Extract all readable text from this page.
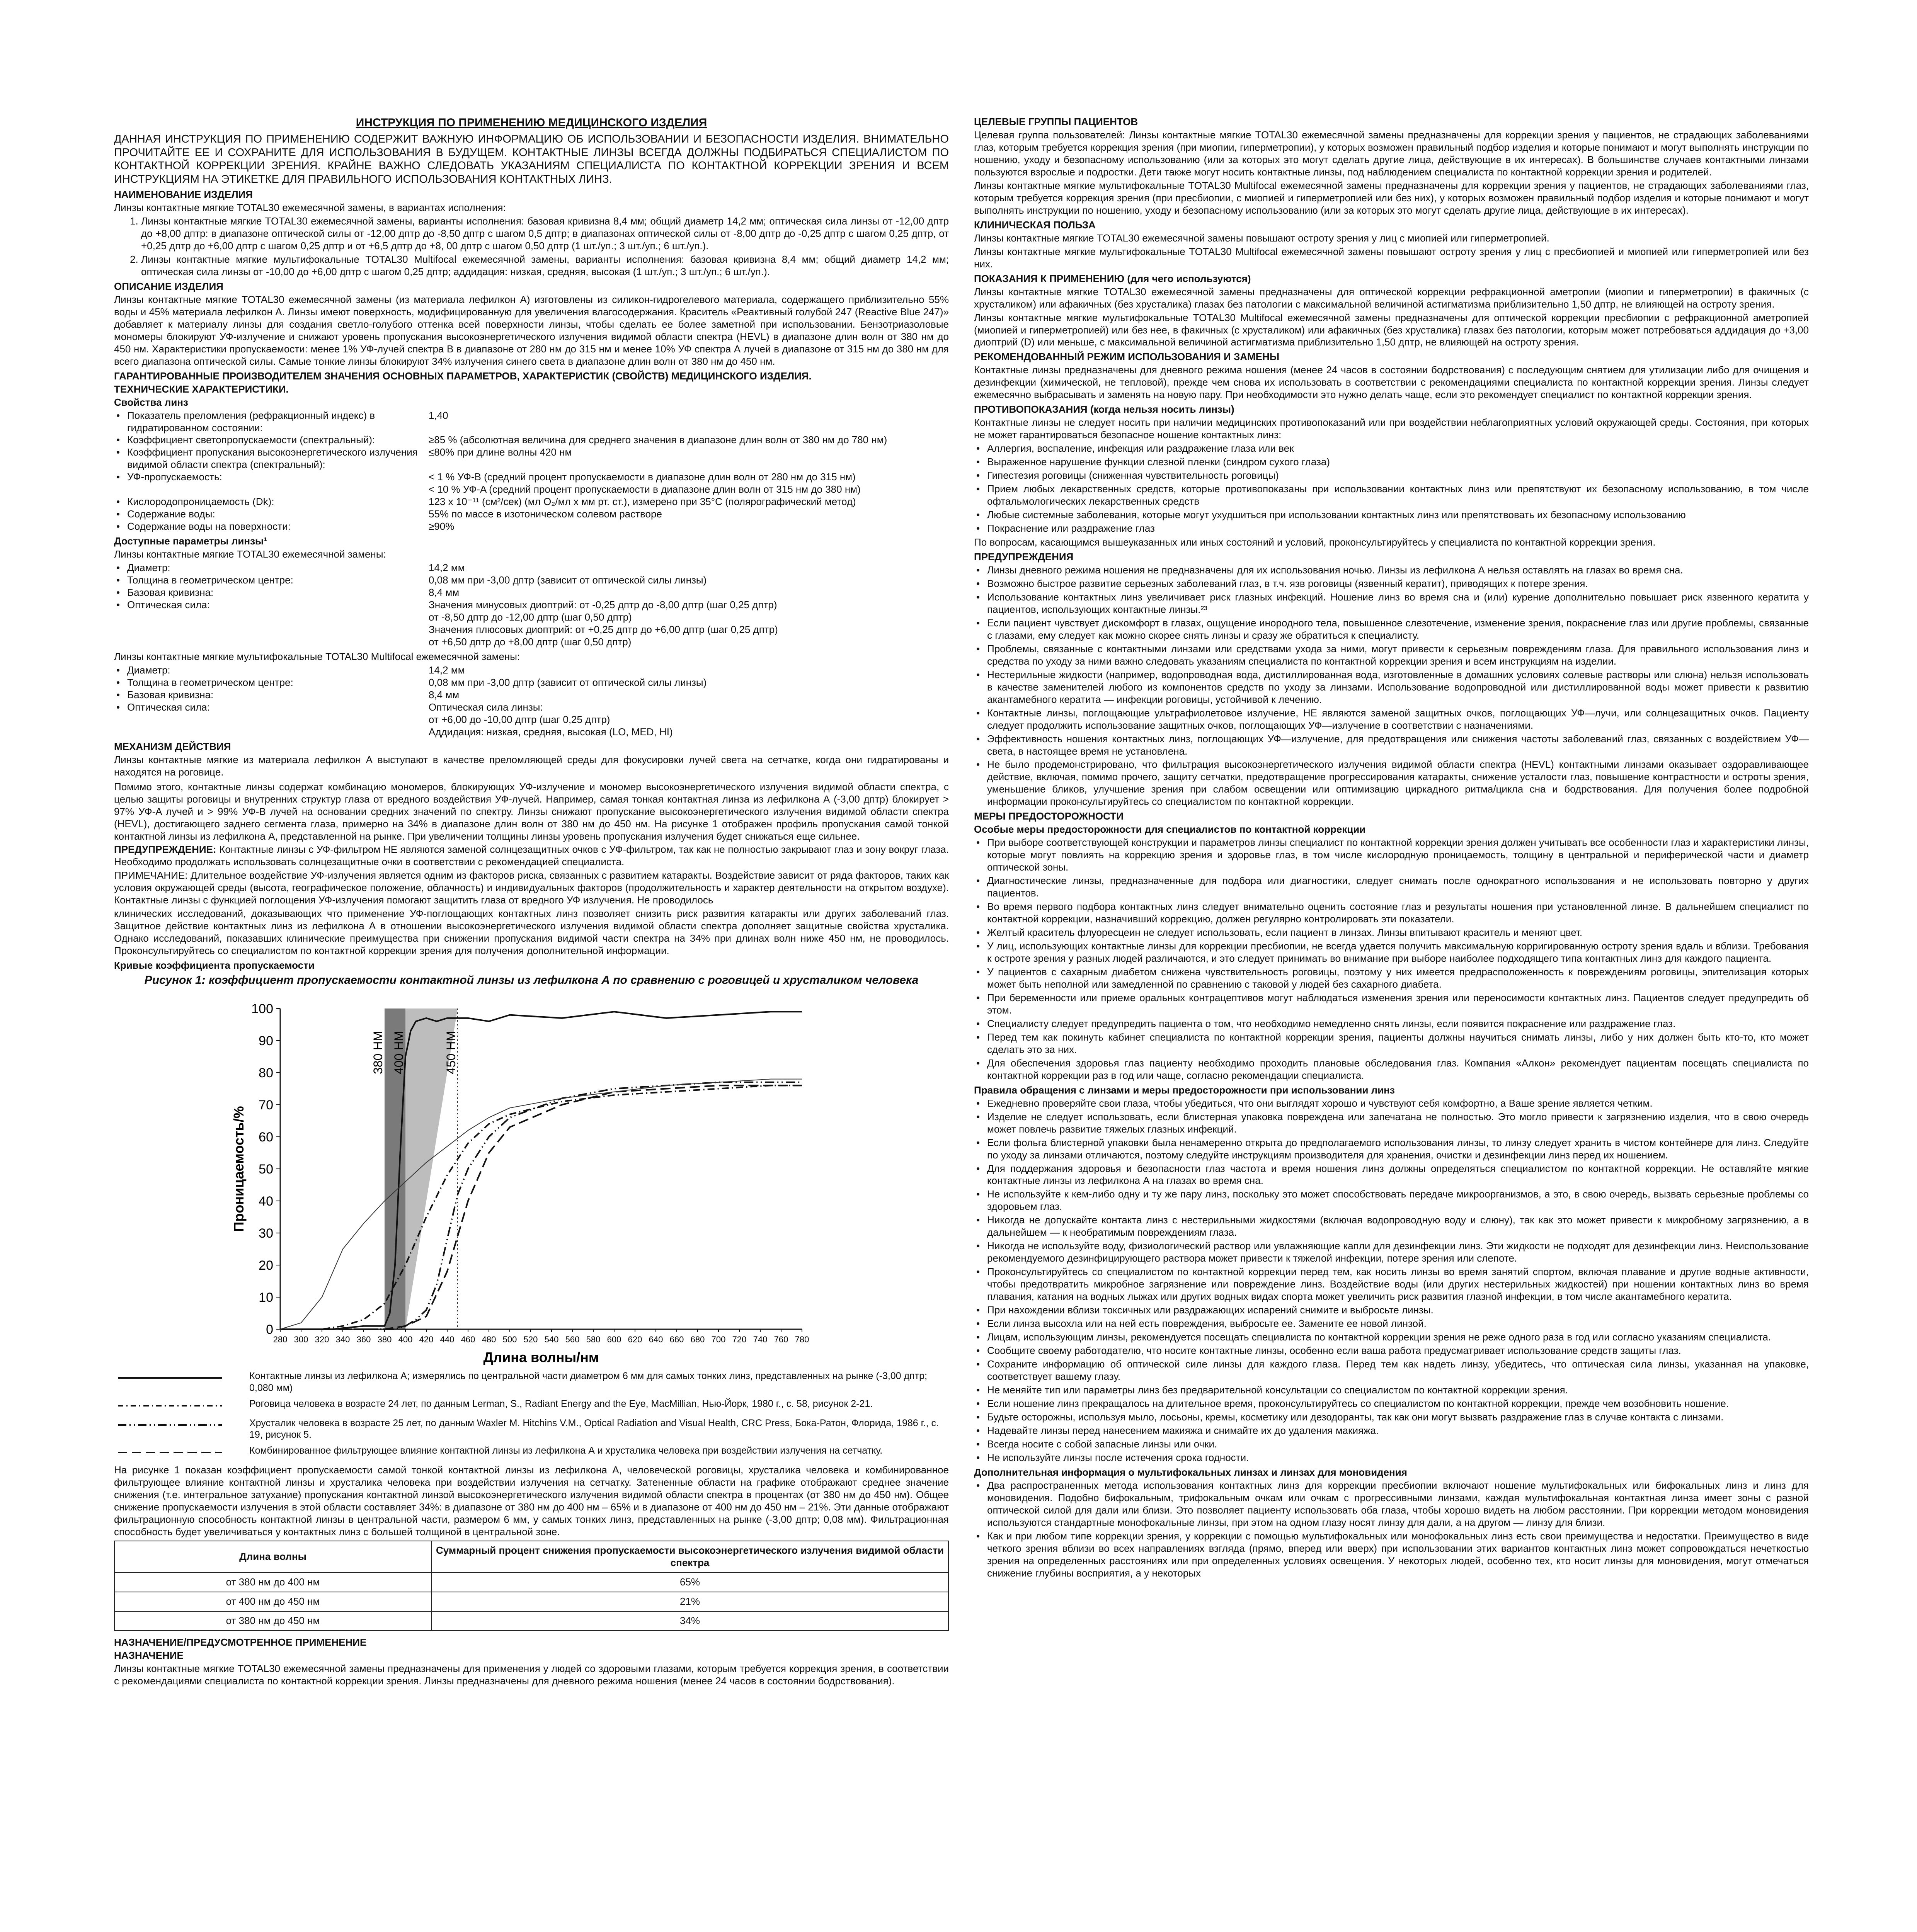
ИНСТРУКЦИЯ ПО ПРИМЕНЕНИЮ МЕДИЦИНСКОГО ИЗДЕЛИЯ

ДАННАЯ ИНСТРУКЦИЯ ПО ПРИМЕНЕНИЮ СОДЕРЖИТ ВАЖНУЮ ИНФОРМАЦИЮ ОБ ИСПОЛЬЗОВАНИИ И БЕЗОПАСНОСТИ ИЗДЕЛИЯ. ВНИМАТЕЛЬНО ПРОЧИТАЙТЕ ЕЕ И СОХРАНИТЕ ДЛЯ ИСПОЛЬЗОВАНИЯ В БУДУЩЕМ. КОНТАКТНЫЕ ЛИНЗЫ ВСЕГДА ДОЛЖНЫ ПОДБИРАТЬСЯ СПЕЦИАЛИСТОМ ПО КОНТАКТНОЙ КОРРЕКЦИИ ЗРЕНИЯ. КРАЙНЕ ВАЖНО СЛЕДОВАТЬ УКАЗАНИЯМ СПЕЦИАЛИСТА ПО КОНТАКТНОЙ КОРРЕКЦИИ ЗРЕНИЯ И ВСЕМ ИНСТРУКЦИЯМ НА ЭТИКЕТКЕ ДЛЯ ПРАВИЛЬНОГО ИСПОЛЬЗОВАНИЯ КОНТАКТНЫХ ЛИНЗ.

НАИМЕНОВАНИЕ ИЗДЕЛИЯ

Линзы контактные мягкие TOTAL30 ежемесячной замены, в вариантах исполнения:

1. Линзы контактные мягкие TOTAL30 ежемесячной замены, варианты исполнения: базовая кривизна 8,4 мм; общий диаметр 14,2 мм; оптическая сила линзы от -12,00 дптр до +8,00 дптр: в диапазоне оптической силы от -12,00 дптр до -8,50 дптр с шагом 0,5 дптр; в диапазонах оптической силы от -8,00 дптр до -0,25 дптр с шагом 0,25 дптр, от +0,25 дптр до +6,00 дптр с шагом 0,25 дптр и от +6,5 дптр до +8, 00 дптр с шагом 0,50 дптр (1 шт./уп.; 3 шт./уп.; 6 шт./уп.).
2. Линзы контактные мягкие мультифокальные TOTAL30 Multifocal ежемесячной замены, варианты исполнения: базовая кривизна 8,4 мм; общий диаметр 14,2 мм; оптическая сила линзы от -10,00 до +6,00 дптр с шагом 0,25 дптр; аддидация: низкая, средняя, высокая (1 шт./уп.; 3 шт./уп.; 6 шт./уп.).

ОПИСАНИЕ ИЗДЕЛИЯ

Линзы контактные мягкие TOTAL30 ежемесячной замены (из материала лефилкон А) изготовлены из силикон-гидрогелевого материала, содержащего приблизительно 55% воды и 45% материала лефилкон А. Линзы имеют поверхность, модифицированную для увеличения влагосодержания. Краситель «Реактивный голубой 247 (Reactive Blue 247)» добавляет к материалу линзы для создания светло-голубого оттенка всей поверхности линзы, чтобы сделать ее более заметной при использовании. Бензотриазоловые мономеры блокируют УФ-излучение и снижают уровень пропускания высокоэнергетического излучения видимой области спектра (HEVL) в диапазоне длин волн от 380 нм до 450 нм. Характеристики пропускаемости: менее 1% УФ-лучей спектра В в диапазоне от 280 нм до 315 нм и менее 10% УФ спектра А лучей в диапазоне от 315 нм до 380 нм для всего диапазона оптической силы. Самые тонкие линзы блокируют 34% излучения синего света в диапазоне длин волн от 380 нм до 450 нм.

ГАРАНТИРОВАННЫЕ ПРОИЗВОДИТЕЛЕМ ЗНАЧЕНИЯ ОСНОВНЫХ ПАРАМЕТРОВ, ХАРАКТЕРИСТИК (СВОЙСТВ) МЕДИЦИНСКОГО ИЗДЕЛИЯ.

ТЕХНИЧЕСКИЕ ХАРАКТЕРИСТИКИ.

Свойства линз

• Показатель преломления (рефракционный индекс) в гидратированном состоянии:
1,40
• Коэффициент светопропускаемости (спектральный):	≥85 % (абсолютная величина для среднего значения в диапазоне длин волн от 380 нм до 780 нм)
• Коэффициент пропускания высокоэнергетического излучения видимой области спектра (спектральный):
≤80% при длине волны 420 нм
• УФ-пропускаемость:	< 1 % УФ-B (средний процент пропускаемости в диапазоне длин волн от 280 нм до 315 нм)
< 10 % УФ-A (средний процент пропускаемости в диапазоне длин волн от 315 нм до 380 нм)
• Кислородопроницаемость (Dk):	123 x 10⁻¹¹ (см²/сек) (мл O₂/мл x мм рт. ст.), измерено при 35°C (полярографический метод)
• Содержание воды:	55% по массе в изотоническом солевом растворе
• Содержание воды на поверхности:	≥90%

Доступные параметры линзы¹

Линзы контактные мягкие TOTAL30 ежемесячной замены:

• Диаметр:	14,2 мм
• Толщина в геометрическом центре:	0,08 мм при -3,00 дптр (зависит от оптической силы линзы)
• Базовая кривизна:	8,4 мм
• Оптическая сила:	Значения минусовых диоптрий: от -0,25 дптр до -8,00 дптр (шаг 0,25 дптр)
от -8,50 дптр до -12,00 дптр (шаг 0,50 дптр)
Значения плюсовых диоптрий: от +0,25 дптр до +6,00 дптр (шаг 0,25 дптр)
от +6,50 дптр до +8,00 дптр (шаг 0,50 дптр)

Линзы контактные мягкие мультифокальные TOTAL30 Multifocal ежемесячной замены:

• Диаметр:	14,2 мм
• Толщина в геометрическом центре:	0,08 мм при -3,00 дптр (зависит от оптической силы линзы)
• Базовая кривизна:	8,4 мм
• Оптическая сила:	Оптическая сила линзы:
от +6,00 до -10,00 дптр (шаг 0,25 дптр)
Аддидация: низкая, средняя, высокая (LO, MED, HI)

МЕХАНИЗМ ДЕЙСТВИЯ

Линзы контактные мягкие из материала лефилкон А выступают в качестве преломляющей среды для фокусировки лучей света на сетчатке, когда они гидратированы и находятся на роговице.

Помимо этого, контактные линзы содержат комбинацию мономеров, блокирующих УФ-излучение и мономер высокоэнергетического излучения видимой области спектра, с целью защиты роговицы и внутренних структур глаза от вредного воздействия УФ-лучей. Например, самая тонкая контактная линза из лефилкона А (-3,00 дптр) блокирует > 97% УФ-A лучей и > 99% УФ-B лучей на основании средних значений по спектру. Линзы снижают пропускание высокоэнергетического излучения видимой области спектра (HEVL), достигающего заднего сегмента глаза, примерно на 34% в диапазоне длин волн от 380 нм до 450 нм. На рисунке 1 отображен профиль пропускания самой тонкой контактной линзы из лефилкона А, представленной на рынке. При увеличении толщины линзы уровень пропускания излучения будет снижаться еще сильнее.

ПРЕДУПРЕЖДЕНИЕ: Контактные линзы с УФ-фильтром НЕ являются заменой солнцезащитных очков с УФ-фильтром, так как не полностью закрывают глаз и зону вокруг глаза. Необходимо продолжать использовать солнцезащитные очки в соответствии с рекомендацией специалиста.

ПРИМЕЧАНИЕ: Длительное воздействие УФ-излучения является одним из факторов риска, связанных с развитием катаракты. Воздействие зависит от ряда факторов, таких как условия окружающей среды (высота, географическое положение, облачность) и индивидуальных факторов (продолжительность и характер деятельности на открытом воздухе). Контактные линзы с функцией поглощения УФ-излучения помогают защитить глаза от вредного УФ излучения. Не проводилось

клинических исследований, доказывающих что применение УФ-поглощающих контактных линз позволяет снизить риск развития катаракты или других заболеваний глаз. Защитное действие контактных линз из лефилкона А в отношении высокоэнергетического излучения видимой области спектра дополняет защитные свойства хрусталика. Однако исследований, показавших клинические преимущества при снижении пропускания видимой части спектра на 34% при длинах волн ниже 450 нм, не проводилось. Проконсультируйтесь со специалистом по контактной коррекции зрения для получения дополнительной информации.

Кривые коэффициента пропускаемости

Рисунок 1: коэффициент пропускаемости контактной линзы из лефилкона А по сравнению с роговицей и хрусталиком человека

0
10
20
30
40
50
60
70
80
90
100
280 300 320 340 360 380 400 420 440 460 480 500 520 540 560 580 600 620 640 660 680 700 720 740 760 780
Длина волны/нм
Проницаемость/%
380 НМ 400 НМ	450 НМ
Контактные линзы из лефилкона А; измерялись по центральной части диаметром 6 мм для самых тонких линз, представленных на рынке (-3,00 дптр; 0,080 мм)
Роговица человека в возрасте 24 лет, по данным Lerman, S., Radiant Energy and the Eye, MacMillian, Нью-Йорк, 1980 г., с. 58, рисунок 2-21.
Хрусталик человека в возрасте 25 лет, по данным Waxler M. Hitchins V.M., Optical Radiation and Visual Health, CRC Press, Бока-Ратон, Флорида, 1986 г., с. 19, рисунок 5.
Комбинированное фильтрующее влияние контактной линзы из лефилкона А и хрусталика человека при воздействии излучения на сетчатку.

На рисунке 1 показан коэффициент пропускаемости самой тонкой контактной линзы из лефилкона А, человеческой роговицы, хрусталика человека и комбинированное фильтрующее влияние контактной линзы и хрусталика человека при воздействии излучения на сетчатку. Затененные области на графике отображают среднее значение снижения (т.е. интегральное затухание) пропускания контактной линзой высокоэнергетического излучения видимой области спектра в процентах (от 380 нм до 450 нм). Общее снижение пропускаемости излучения в этой области составляет 34%: в диапазоне от 380 нм до 400 нм – 65% и в диапазоне от 400 нм до 450 нм – 21%. Эти данные отображают фильтрационную способность контактной линзы в центральной части, размером 6 мм, у самых тонких линз, представленных на рынке (-3,00 дптр; 0,08 мм). Фильтрационная способность будет увеличиваться у контактных линз с большей толщиной в центральной зоне.

Длина волны	Суммарный процент снижения пропускаемости высокоэнергетического излучения видимой области спектра
от 380 нм до 400 нм	65%
от 400 нм до 450 нм	21%
от 380 нм до 450 нм	34%

НАЗНАЧЕНИЕ/ПРЕДУСМОТРЕННОЕ ПРИМЕНЕНИЕ

НАЗНАЧЕНИЕ

Линзы контактные мягкие TOTAL30 ежемесячной замены предназначены для применения у людей со здоровыми глазами, которым требуется коррекция зрения, в соответствии с рекомендациями специалиста по контактной коррекции зрения. Линзы предназначены для дневного режима ношения (менее 24 часов в состоянии бодрствования).

ЦЕЛЕВЫЕ ГРУППЫ ПАЦИЕНТОВ

Целевая группа пользователей: Линзы контактные мягкие TOTAL30 ежемесячной замены предназначены для коррекции зрения у пациентов, не страдающих заболеваниями глаз, которым требуется коррекция зрения (при миопии, гиперметропии), у которых возможен правильный подбор изделия и которые понимают и могут выполнять инструкции по ношению, уходу и безопасному использованию (или за которых это могут сделать другие лица, действующие в их интересах). В большинстве случаев контактными линзами пользуются взрослые и подростки. Дети также могут носить контактные линзы, под наблюдением специалиста по контактной коррекции зрения и родителей.

Линзы контактные мягкие мультифокальные TOTAL30 Multifocal ежемесячной замены предназначены для коррекции зрения у пациентов, не страдающих заболеваниями глаз, которым требуется коррекция зрения (при пресбиопии, с миопией и гиперметропией или без них), у которых возможен правильный подбор изделия и которые понимают и могут выполнять инструкции по ношению, уходу и безопасному использованию (или за которых это могут сделать другие лица, действующие в их интересах).

КЛИНИЧЕСКАЯ ПОЛЬЗА

Линзы контактные мягкие TOTAL30 ежемесячной замены повышают остроту зрения у лиц с миопией или гиперметропией.

Линзы контактные мягкие мультифокальные TOTAL30 Multifocal ежемесячной замены повышают остроту зрения у лиц с пресбиопией и миопией или гиперметропией или без них.

ПОКАЗАНИЯ К ПРИМЕНЕНИЮ (для чего используются)

Линзы контактные мягкие TOTAL30 ежемесячной замены предназначены для оптической коррекции рефракционной аметропии (миопии и гиперметропии) в факичных (с хрусталиком) или афакичных (без хрусталика) глазах без патологии с максимальной величиной астигматизма приблизительно 1,50 дптр, не влияющей на остроту зрения.

Линзы контактные мягкие мультифокальные TOTAL30 Multifocal ежемесячной замены предназначены для оптической коррекции пресбиопии с рефракционной аметропией (миопией и гиперметропией) или без нее, в факичных (с хрусталиком) или афакичных (без хрусталика) глазах без патологии, которым может потребоваться аддидация до +3,00 диоптрий (D) или меньше, с максимальной величиной астигматизма приблизительно 1,50 дптр, не влияющей на остроту зрения.

РЕКОМЕНДОВАННЫЙ РЕЖИМ ИСПОЛЬЗОВАНИЯ И ЗАМЕНЫ

Контактные линзы предназначены для дневного режима ношения (менее 24 часов в состоянии бодрствования) с последующим снятием для утилизации либо для очищения и дезинфекции (химической, не тепловой), прежде чем снова их использовать в соответствии с рекомендациями специалиста по контактной коррекции зрения. Линзы следует ежемесячно выбрасывать и заменять на новую пару. При необходимости это нужно делать чаще, если это рекомендует специалист по контактной коррекции зрения.

ПРОТИВОПОКАЗАНИЯ (когда нельзя носить линзы)

Контактные линзы не следует носить при наличии медицинских противопоказаний или при воздействии неблагоприятных условий окружающей среды. Состояния, при которых не может гарантироваться безопасное ношение контактных линз:

• Аллергия, воспаление, инфекция или раздражение глаза или век
• Выраженное нарушение функции слезной пленки (синдром сухого глаза)
• Гипестезия роговицы (сниженная чувствительность роговицы)
• Прием любых лекарственных средств, которые противопоказаны при использовании контактных линз или препятствуют их безопасному использованию, в том числе офтальмологических лекарственных средств
• Любые системные заболевания, которые могут ухудшиться при использовании контактных линз или препятствовать их безопасному использованию
• Покраснение или раздражение глаз

По вопросам, касающимся вышеуказанных или иных состояний и условий, проконсультируйтесь у специалиста по контактной коррекции зрения.

ПРЕДУПРЕЖДЕНИЯ

• Линзы дневного режима ношения не предназначены для их использования ночью. Линзы из лефилкона А нельзя оставлять на глазах во время сна.
• Возможно быстрое развитие серьезных заболеваний глаз, в т.ч. язв роговицы (язвенный кератит), приводящих к потере зрения.
• Использование контактных линз увеличивает риск глазных инфекций. Ношение линз во время сна и (или) курение дополнительно повышает риск язвенного кератита у пациентов, использующих контактные линзы.²³
• Если пациент чувствует дискомфорт в глазах, ощущение инородного тела, повышенное слезотечение, изменение зрения, покраснение глаз или другие проблемы, связанные с глазами, ему следует как можно скорее снять линзы и сразу же обратиться к специалисту.
• Проблемы, связанные с контактными линзами или средствами ухода за ними, могут привести к серьезным повреждениям глаза. Для правильного использования линз и средства по уходу за ними важно следовать указаниям специалиста по контактной коррекции зрения и всем инструкциям на изделии.
• Нестерильные жидкости (например, водопроводная вода, дистиллированная вода, изготовленные в домашних условиях солевые растворы или слюна) нельзя использовать в качестве заменителей любого из компонентов средств по уходу за линзами. Использование водопроводной или дистиллированной воды может привести к развитию акантамебного кератита — инфекции роговицы, устойчивой к лечению.
• Контактные линзы, поглощающие ультрафиолетовое излучение, НЕ являются заменой защитных очков, поглощающих УФ—лучи, или солнцезащитных очков. Пациенту следует продолжить использование защитных очков, поглощающих УФ—излучение в соответствии с назначениями.
• Эффективность ношения контактных линз, поглощающих УФ—излучение, для предотвращения или снижения частоты заболеваний глаз, связанных с воздействием УФ—света, в настоящее время не установлена.
• Не было продемонстрировано, что фильтрация высокоэнергетического излучения видимой области спектра (HEVL) контактными линзами оказывает оздоравливающее действие, включая, помимо прочего, защиту сетчатки, предотвращение прогрессирования катаракты, снижение усталости глаз, повышение контрастности и остроты зрения, уменьшение бликов, улучшение зрения при слабом освещении или оптимизацию циркадного ритма/цикла сна и бодрствования. Для получения более подробной информации проконсультируйтесь со специалистом по контактной коррекции.

МЕРЫ ПРЕДОСТОРОЖНОСТИ

Особые меры предосторожности для специалистов по контактной коррекции

• При выборе соответствующей конструкции и параметров линзы специалист по контактной коррекции зрения должен учитывать все особенности глаз и характеристики линзы, которые могут повлиять на коррекцию зрения и здоровье глаз, в том числе кислородную проницаемость, толщину в центральной и периферической части и диаметр оптической зоны.
• Диагностические линзы, предназначенные для подбора или диагностики, следует снимать после однократного использования и не использовать повторно у других пациентов.
• Во время первого подбора контактных линз следует внимательно оценить состояние глаз и результаты ношения при установленной линзе. В дальнейшем специалист по контактной коррекции, назначивший коррекцию, должен регулярно контролировать эти показатели.
• Желтый краситель флуоресцеин не следует использовать, если пациент в линзах. Линзы впитывают краситель и меняют цвет.
• У лиц, использующих контактные линзы для коррекции пресбиопии, не всегда удается получить максимальную корригированную остроту зрения вдаль и вблизи. Требования к остроте зрения у разных людей различаются, и это следует принимать во внимание при выборе наиболее подходящего типа контактных линз для каждого пациента.
• У пациентов с сахарным диабетом снижена чувствительность роговицы, поэтому у них имеется предрасположенность к повреждениям роговицы, эпителизация которых может быть неполной или замедленной по сравнению с таковой у людей без сахарного диабета.
• При беременности или приеме оральных контрацептивов могут наблюдаться изменения зрения или переносимости контактных линз. Пациентов следует предупредить об этом.
• Специалисту следует предупредить пациента о том, что необходимо немедленно снять линзы, если появится покраснение или раздражение глаз.
• Перед тем как покинуть кабинет специалиста по контактной коррекции зрения, пациенты должны научиться снимать линзы, либо у них должен быть кто-то, кто может сделать это за них.
• Для обеспечения здоровья глаз пациенту необходимо проходить плановые обследования глаз. Компания «Алкон» рекомендует пациентам посещать специалиста по контактной коррекции раз в год или чаще, согласно рекомендации специалиста.

Правила обращения с линзами и меры предосторожности при использовании линз

• Ежедневно проверяйте свои глаза, чтобы убедиться, что они выглядят хорошо и чувствуют себя комфортно, а Ваше зрение является четким.
• Изделие не следует использовать, если блистерная упаковка повреждена или запечатана не полностью. Это могло привести к загрязнению изделия, что в свою очередь может повлечь развитие тяжелых глазных инфекций.
• Если фольга блистерной упаковки была ненамеренно открыта до предполагаемого использования линзы, то линзу следует хранить в чистом контейнере для линз. Следуйте по уходу за линзами отличаются, поэтому следуйте инструкциям производителя для хранения, очистки и дезинфекции линз перед их ношением.
• Для поддержания здоровья и безопасности глаз частота и время ношения линз должны определяться специалистом по контактной коррекции. Не оставляйте мягкие контактные линзы из лефилкона А на глазах во время сна.
• Не используйте к кем-либо одну и ту же пару линз, поскольку это может способствовать передаче микроорганизмов, а это, в свою очередь, вызвать серьезные проблемы со здоровьем глаз.
• Никогда не допускайте контакта линз с нестерильными жидкостями (включая водопроводную воду и слюну), так как это может привести к микробному загрязнению, а в дальнейшем — к необратимым повреждениям глаза.
• Никогда не используйте воду, физиологический раствор или увлажняющие капли для дезинфекции линз. Эти жидкости не подходят для дезинфекции линз. Неиспользование рекомендуемого дезинфицирующего раствора может привести к тяжелой инфекции, потере зрения или слепоте.
• Проконсультируйтесь со специалистом по контактной коррекции перед тем, как носить линзы во время занятий спортом, включая плавание и другие водные активности, чтобы предотвратить микробное загрязнение или повреждение линз. Воздействие воды (или других нестерильных жидкостей) при ношении контактных линз во время плавания, катания на водных лыжах или других водных видах спорта может увеличить риск развития глазной инфекции, в том числе акантамебного кератита.
• При нахождении вблизи токсичных или раздражающих испарений снимите и выбросьте линзы.
• Если линза высохла или на ней есть повреждения, выбросьте ее. Замените ее новой линзой.
• Лицам, использующим линзы, рекомендуется посещать специалиста по контактной коррекции зрения не реже одного раза в год или согласно указаниям специалиста.
• Сообщите своему работодателю, что носите контактные линзы, особенно если ваша работа предусматривает использование средств защиты глаз.
• Сохраните информацию об оптической силе линзы для каждого глаза. Перед тем как надеть линзу, убедитесь, что оптическая сила линзы, указанная на упаковке, соответствует вашему глазу.
• Не меняйте тип или параметры линз без предварительной консультации со специалистом по контактной коррекции зрения.
• Если ношение линз прекращалось на длительное время, проконсультируйтесь со специалистом по контактной коррекции, прежде чем возобновить ношение.
• Будьте осторожны, используя мыло, лосьоны, кремы, косметику или дезодоранты, так как они могут вызвать раздражение глаз в случае контакта с линзами.
• Надевайте линзы перед нанесением макияжа и снимайте их до удаления макияжа.
• Всегда носите с собой запасные линзы или очки.
• Не используйте линзы после истечения срока годности.

Дополнительная информация о мультифокальных линзах и линзах для моновидения

• Два распространенных метода использования контактных линз для коррекции пресбиопии включают ношение мультифокальных или бифокальных линз и линз для моновидения. Подобно бифокальным, трифокальным очкам или очкам с прогрессивными линзами, каждая мультифокальная контактная линза имеет зоны с разной оптической силой для дали или близи. Это позволяет пациенту использовать оба глаза, чтобы хорошо видеть на любом расстоянии. При коррекции методом моновидения используются стандартные монофокальные линзы, при этом на одном глазу носят линзу для дали, а на другом — линзу для близи.
• Как и при любом типе коррекции зрения, у коррекции с помощью мультифокальных или монофокальных линз есть свои преимущества и недостатки. Преимущество в виде четкого зрения вблизи во всех направлениях взгляда (прямо, вперед или вверх) при использовании этих вариантов контактных линз может сопровождаться нечеткостью зрения на определенных расстояниях или при определенных условиях освещения. У некоторых людей, особенно тех, кто носит линзы для моновидения, могут отмечаться снижение глубины восприятия, а у некоторых
